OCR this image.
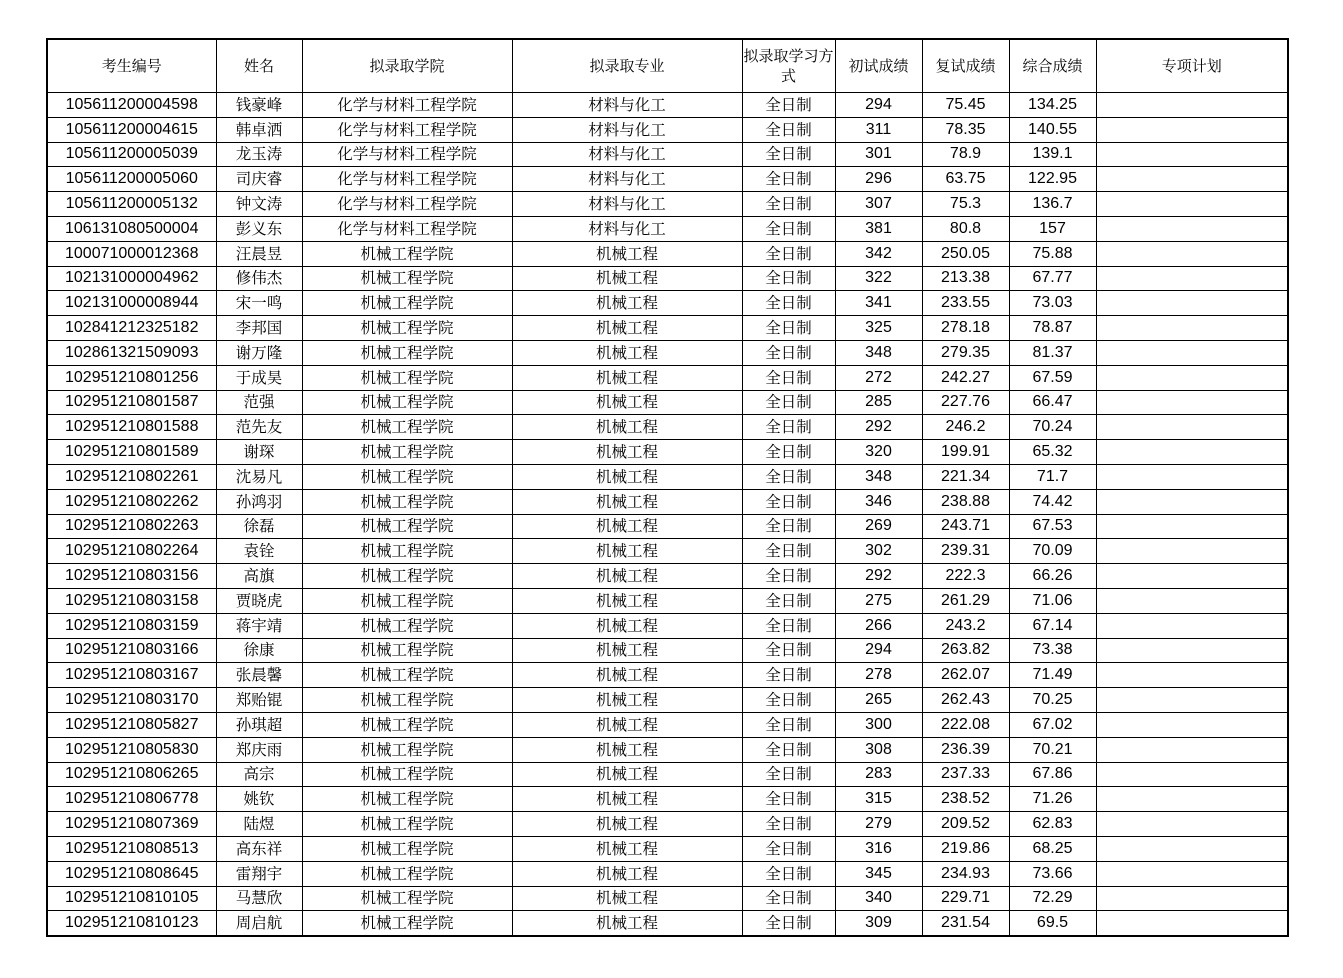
考生编号	姓名	拟录取学院	拟录取专业	拟录取学习方式	初试成绩	复试成绩	综合成绩	专项计划
105611200004598	钱豪峰	化学与材料工程学院	材料与化工	全日制	294	75.45	134.25	
105611200004615	韩卓洒	化学与材料工程学院	材料与化工	全日制	311	78.35	140.55	
105611200005039	龙玉涛	化学与材料工程学院	材料与化工	全日制	301	78.9	139.1	
105611200005060	司庆睿	化学与材料工程学院	材料与化工	全日制	296	63.75	122.95	
105611200005132	钟文涛	化学与材料工程学院	材料与化工	全日制	307	75.3	136.7	
106131080500004	彭义东	化学与材料工程学院	材料与化工	全日制	381	80.8	157	
100071000012368	汪晨昱	机械工程学院	机械工程	全日制	342	250.05	75.88	
102131000004962	修伟杰	机械工程学院	机械工程	全日制	322	213.38	67.77	
102131000008944	宋一鸣	机械工程学院	机械工程	全日制	341	233.55	73.03	
102841212325182	李邦国	机械工程学院	机械工程	全日制	325	278.18	78.87	
102861321509093	谢万隆	机械工程学院	机械工程	全日制	348	279.35	81.37	
102951210801256	于成昊	机械工程学院	机械工程	全日制	272	242.27	67.59	
102951210801587	范强	机械工程学院	机械工程	全日制	285	227.76	66.47	
102951210801588	范先友	机械工程学院	机械工程	全日制	292	246.2	70.24	
102951210801589	谢琛	机械工程学院	机械工程	全日制	320	199.91	65.32	
102951210802261	沈易凡	机械工程学院	机械工程	全日制	348	221.34	71.7	
102951210802262	孙鸿羽	机械工程学院	机械工程	全日制	346	238.88	74.42	
102951210802263	徐磊	机械工程学院	机械工程	全日制	269	243.71	67.53	
102951210802264	袁铨	机械工程学院	机械工程	全日制	302	239.31	70.09	
102951210803156	高旗	机械工程学院	机械工程	全日制	292	222.3	66.26	
102951210803158	贾晓虎	机械工程学院	机械工程	全日制	275	261.29	71.06	
102951210803159	蒋宇靖	机械工程学院	机械工程	全日制	266	243.2	67.14	
102951210803166	徐康	机械工程学院	机械工程	全日制	294	263.82	73.38	
102951210803167	张晨馨	机械工程学院	机械工程	全日制	278	262.07	71.49	
102951210803170	郑贻锟	机械工程学院	机械工程	全日制	265	262.43	70.25	
102951210805827	孙琪超	机械工程学院	机械工程	全日制	300	222.08	67.02	
102951210805830	郑庆雨	机械工程学院	机械工程	全日制	308	236.39	70.21	
102951210806265	高宗	机械工程学院	机械工程	全日制	283	237.33	67.86	
102951210806778	姚钦	机械工程学院	机械工程	全日制	315	238.52	71.26	
102951210807369	陆煜	机械工程学院	机械工程	全日制	279	209.52	62.83	
102951210808513	高东祥	机械工程学院	机械工程	全日制	316	219.86	68.25	
102951210808645	雷翔宇	机械工程学院	机械工程	全日制	345	234.93	73.66	
102951210810105	马慧欣	机械工程学院	机械工程	全日制	340	229.71	72.29	
102951210810123	周启航	机械工程学院	机械工程	全日制	309	231.54	69.5	
